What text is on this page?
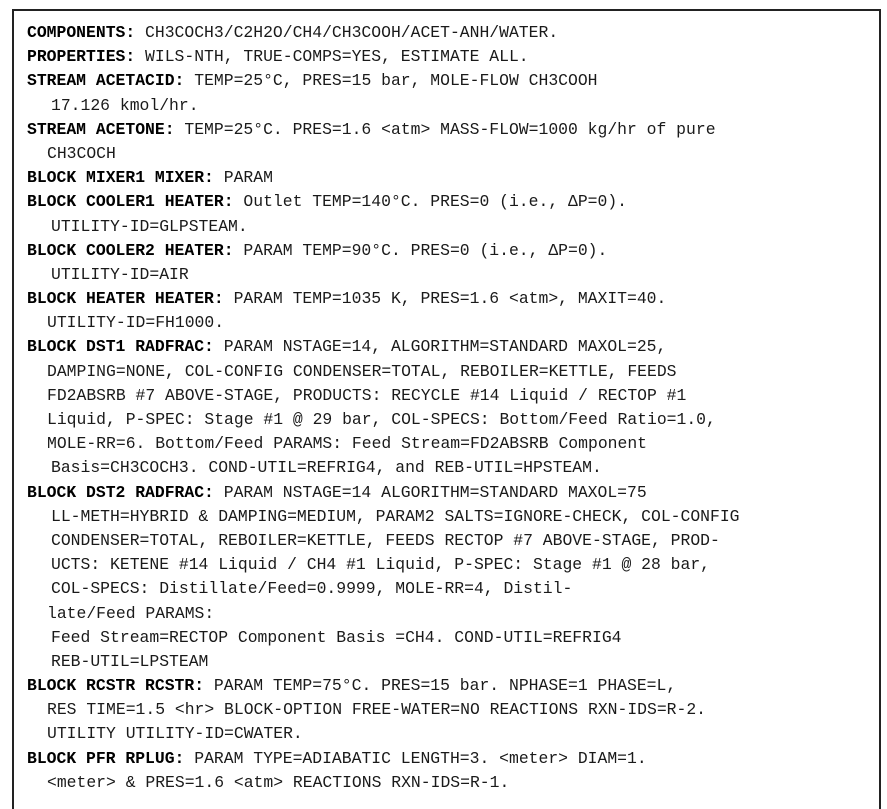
COMPONENTS: CH3COCH3/C2H2O/CH4/CH3COOH/ACET-ANH/WATER.
PROPERTIES: WILS-NTH, TRUE-COMPS=YES, ESTIMATE ALL.
STREAM ACETACID: TEMP=25°C, PRES=15 bar, MOLE-FLOW CH3COOH
17.126 kmol/hr.
STREAM ACETONE: TEMP=25°C. PRES=1.6 <atm> MASS-FLOW=1000 kg/hr of pure
CH3COCH
BLOCK MIXER1 MIXER: PARAM
BLOCK COOLER1 HEATER: Outlet TEMP=140°C. PRES=0 (i.e., ΔP=0).
UTILITY-ID=GLPSTEAM.
BLOCK COOLER2 HEATER: PARAM TEMP=90°C. PRES=0 (i.e., ΔP=0).
UTILITY-ID=AIR
BLOCK HEATER HEATER: PARAM TEMP=1035 K, PRES=1.6 <atm>, MAXIT=40.
UTILITY-ID=FH1000.
BLOCK DST1 RADFRAC: PARAM NSTAGE=14, ALGORITHM=STANDARD MAXOL=25,
DAMPING=NONE, COL-CONFIG CONDENSER=TOTAL, REBOILER=KETTLE, FEEDS
FD2ABSRB #7 ABOVE-STAGE, PRODUCTS: RECYCLE #14 Liquid / RECTOP #1
Liquid, P-SPEC: Stage #1 @ 29 bar, COL-SPECS: Bottom/Feed Ratio=1.0,
MOLE-RR=6. Bottom/Feed PARAMS: Feed Stream=FD2ABSRB Component
Basis=CH3COCH3. COND-UTIL=REFRIG4, and REB-UTIL=HPSTEAM.
BLOCK DST2 RADFRAC: PARAM NSTAGE=14 ALGORITHM=STANDARD MAXOL=75
LL-METH=HYBRID & DAMPING=MEDIUM, PARAM2 SALTS=IGNORE-CHECK, COL-CONFIG
CONDENSER=TOTAL, REBOILER=KETTLE, FEEDS RECTOP #7 ABOVE-STAGE, PROD-
UCTS: KETENE #14 Liquid / CH4 #1 Liquid, P-SPEC: Stage #1 @ 28 bar,
COL-SPECS: Distillate/Feed=0.9999, MOLE-RR=4, Distil-
late/Feed PARAMS:
Feed Stream=RECTOP Component Basis =CH4. COND-UTIL=REFRIG4
REB-UTIL=LPSTEAM
BLOCK RCSTR RCSTR: PARAM TEMP=75°C. PRES=15 bar. NPHASE=1 PHASE=L,
RES TIME=1.5 <hr> BLOCK-OPTION FREE-WATER=NO REACTIONS RXN-IDS=R-2.
UTILITY UTILITY-ID=CWATER.
BLOCK PFR RPLUG: PARAM TYPE=ADIABATIC LENGTH=3. <meter> DIAM=1.
<meter> & PRES=1.6 <atm> REACTIONS RXN-IDS=R-1.
